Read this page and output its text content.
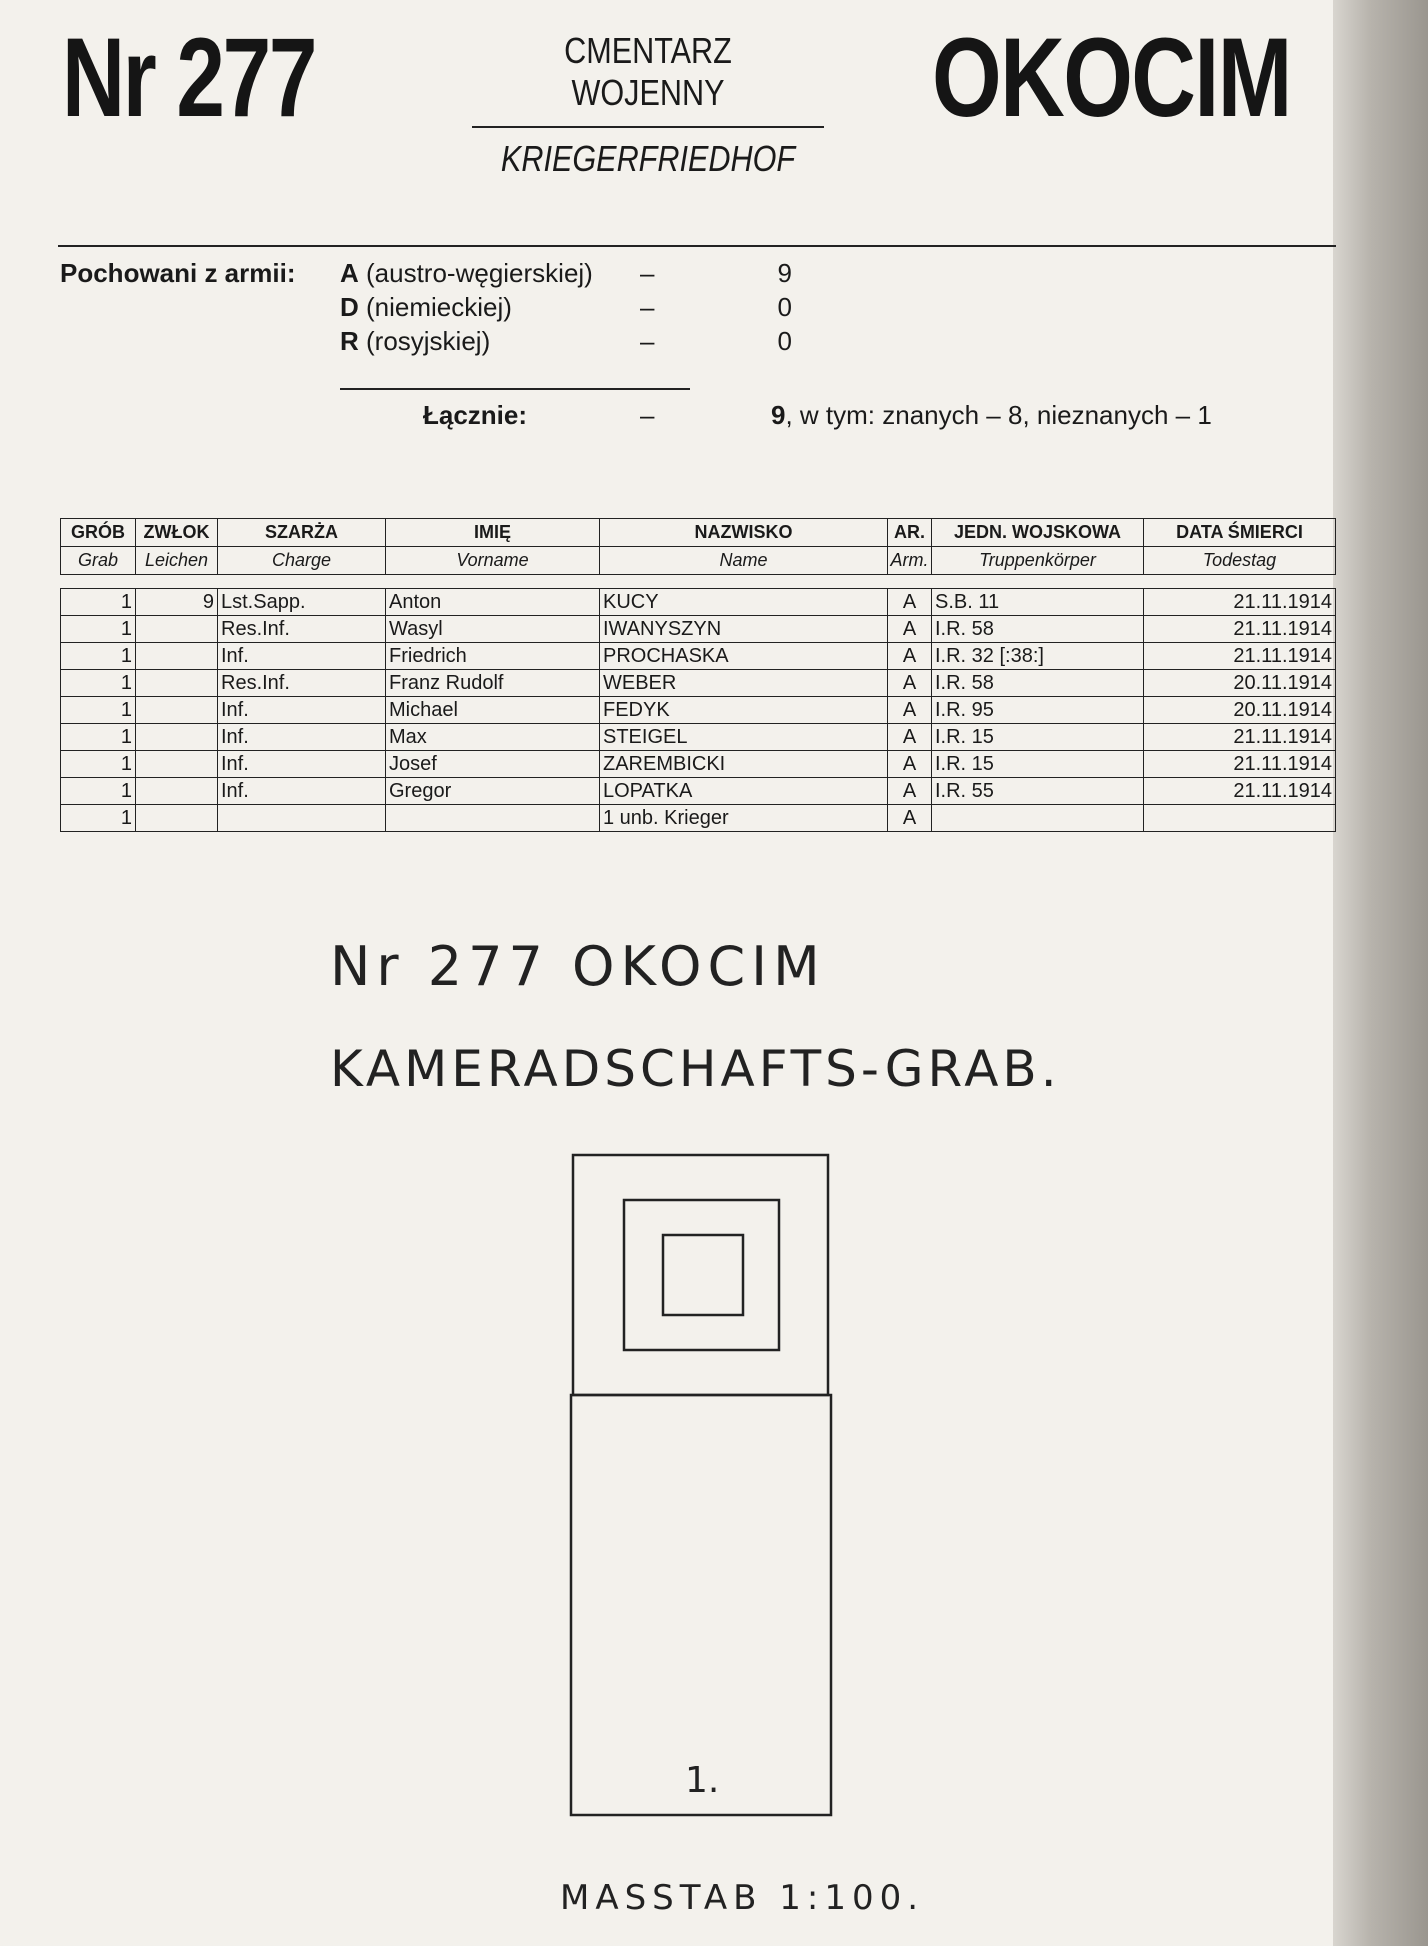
Nr 277	CMENTARZ WOJENNY
KRIEGERFRIEDHOF
OKOCIM
Pochowani z armii: A (austro-węgierskiej) –	9
D (niemieckiej)	–	0
R (rosyjskiej)	–	0
Łącznie:	–	9, w tym: znanych – 8, nieznanych – 1
GRÓB	ZWŁOK	SZARŻA	IMIĘ	NAZWISKO	AR.	JEDN. WOJSKOWA	DATA ŚMIERCI
Grab	Leichen	Charge	Vorname	Name	Arm.	Truppenkörper	Todestag
1	9	Lst.Sapp.	Anton	KUCY	A	S.B. 11	21.11.1914
1		Res.Inf.	Wasyl	IWANYSZYN	A	I.R. 58	21.11.1914
1		Inf.	Friedrich	PROCHASKA	A	I.R. 32 [:38:]	21.11.1914
1		Res.Inf.	Franz Rudolf	WEBER	A	I.R. 58	20.11.1914
1		Inf.	Michael	FEDYK	A	I.R. 95	20.11.1914
1		Inf.	Max	STEIGEL	A	I.R. 15	21.11.1914
1		Inf.	Josef	ZAREMBICKI	A	I.R. 15	21.11.1914
1		Inf.	Gregor	LOPATKA	A	I.R. 55	21.11.1914
1				1 unb. Krieger	A		
Nr 277 OKOCIM
KAMERADSCHAFTS-GRAB.
1.
MASSTAB 1:100.
